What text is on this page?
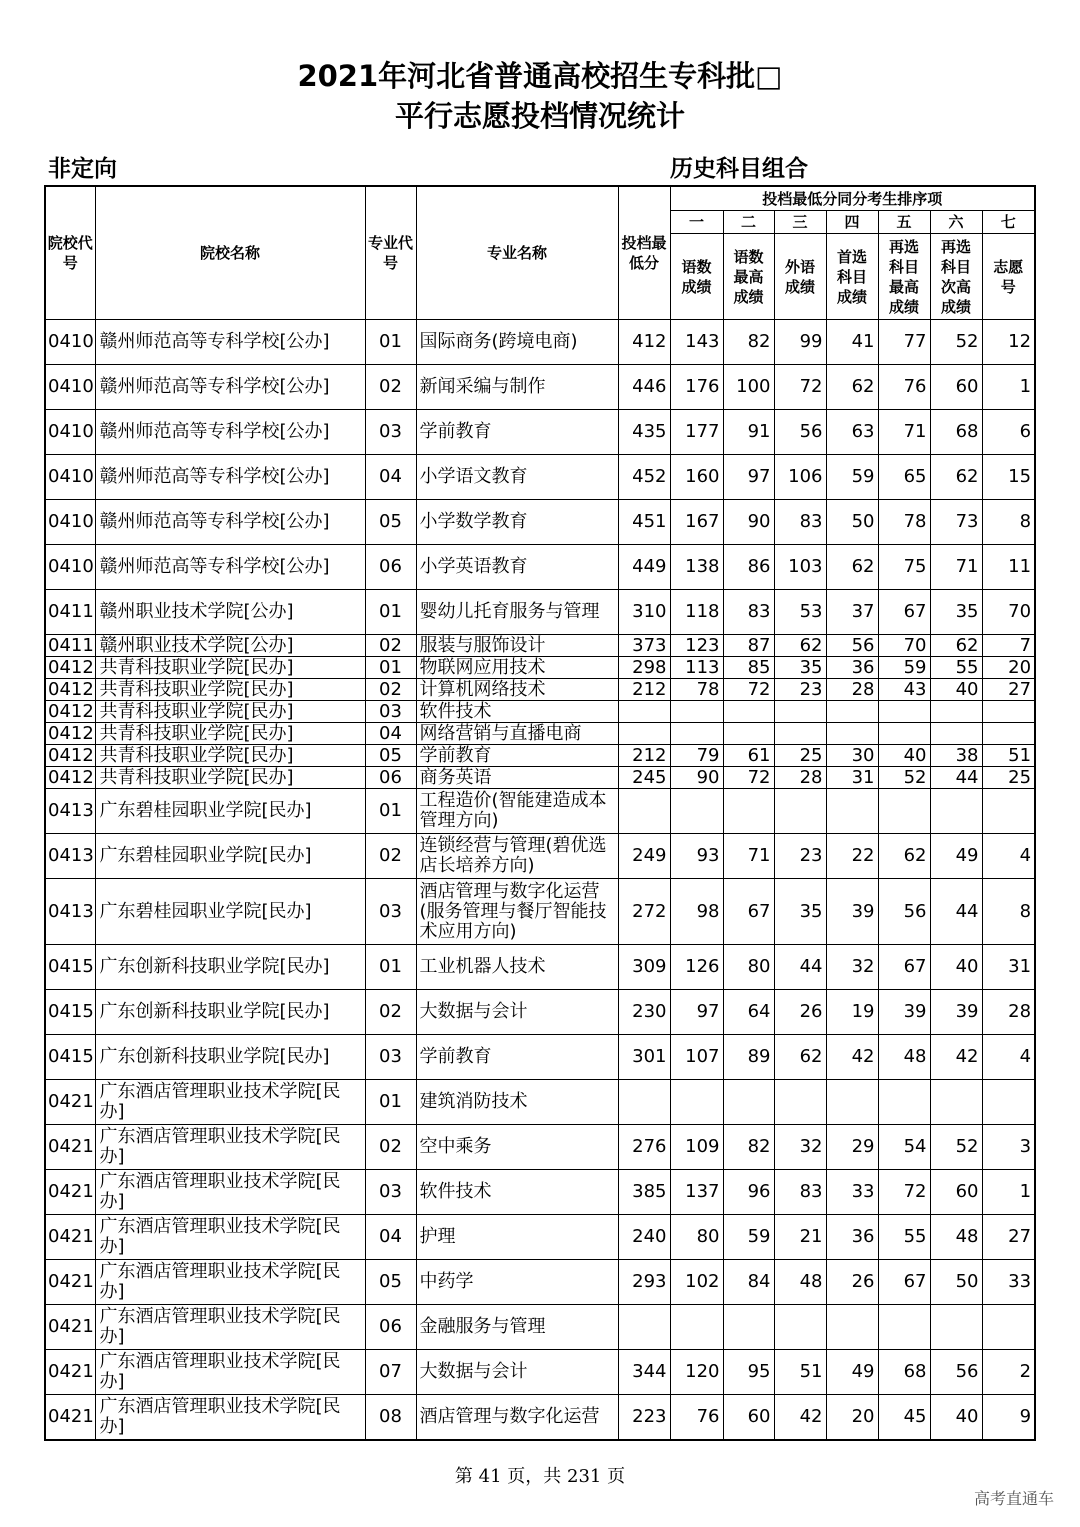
2021年河北省普通高校招生专科批□
平行志愿投档情况统计
非定向	历史科目组合
院校代号	院校名称	专业代号	专业名称	投档最低分	投档最低分同分考生排序项						
					一	二	三	四	五	六	七
					语数成绩	语数最高成绩	外语成绩	首选科目成绩	再选科目最高成绩	再选科目次高成绩	志愿号
0410	赣州师范高等专科学校[公办]	01	国际商务(跨境电商)	412	143	82	99	41	77	52	12
0410	赣州师范高等专科学校[公办]	02	新闻采编与制作	446	176	100	72	62	76	60	1
0410	赣州师范高等专科学校[公办]	03	学前教育	435	177	91	56	63	71	68	6
0410	赣州师范高等专科学校[公办]	04	小学语文教育	452	160	97	106	59	65	62	15
0410	赣州师范高等专科学校[公办]	05	小学数学教育	451	167	90	83	50	78	73	8
0410	赣州师范高等专科学校[公办]	06	小学英语教育	449	138	86	103	62	75	71	11
0411	赣州职业技术学院[公办]	01	婴幼儿托育服务与管理	310	118	83	53	37	67	35	70
0411	赣州职业技术学院[公办]	02	服装与服饰设计	373	123	87	62	56	70	62	7
0412	共青科技职业学院[民办]	01	物联网应用技术	298	113	85	35	36	59	55	20
0412	共青科技职业学院[民办]	02	计算机网络技术	212	78	72	23	28	43	40	27
0412	共青科技职业学院[民办]	03	软件技术								
0412	共青科技职业学院[民办]	04	网络营销与直播电商								
0412	共青科技职业学院[民办]	05	学前教育	212	79	61	25	30	40	38	51
0412	共青科技职业学院[民办]	06	商务英语	245	90	72	28	31	52	44	25
0413	广东碧桂园职业学院[民办]	01	工程造价(智能建造成本管理方向)								
0413	广东碧桂园职业学院[民办]	02	连锁经营与管理(碧优选店长培养方向)	249	93	71	23	22	62	49	4
0413	广东碧桂园职业学院[民办]	03	酒店管理与数字化运营(服务管理与餐厅智能技术应用方向)	272	98	67	35	39	56	44	8
0415	广东创新科技职业学院[民办]	01	工业机器人技术	309	126	80	44	32	67	40	31
0415	广东创新科技职业学院[民办]	02	大数据与会计	230	97	64	26	19	39	39	28
0415	广东创新科技职业学院[民办]	03	学前教育	301	107	89	62	42	48	42	4
0421	广东酒店管理职业技术学院[民办]	01	建筑消防技术								
0421	广东酒店管理职业技术学院[民办]	02	空中乘务	276	109	82	32	29	54	52	3
0421	广东酒店管理职业技术学院[民办]	03	软件技术	385	137	96	83	33	72	60	1
0421	广东酒店管理职业技术学院[民办]	04	护理	240	80	59	21	36	55	48	27
0421	广东酒店管理职业技术学院[民办]	05	中药学	293	102	84	48	26	67	50	33
0421	广东酒店管理职业技术学院[民办]	06	金融服务与管理								
0421	广东酒店管理职业技术学院[民办]	07	大数据与会计	344	120	95	51	49	68	56	2
0421	广东酒店管理职业技术学院[民办]	08	酒店管理与数字化运营	223	76	60	42	20	45	40	9
第 41 页，共 231 页
高考直通车
